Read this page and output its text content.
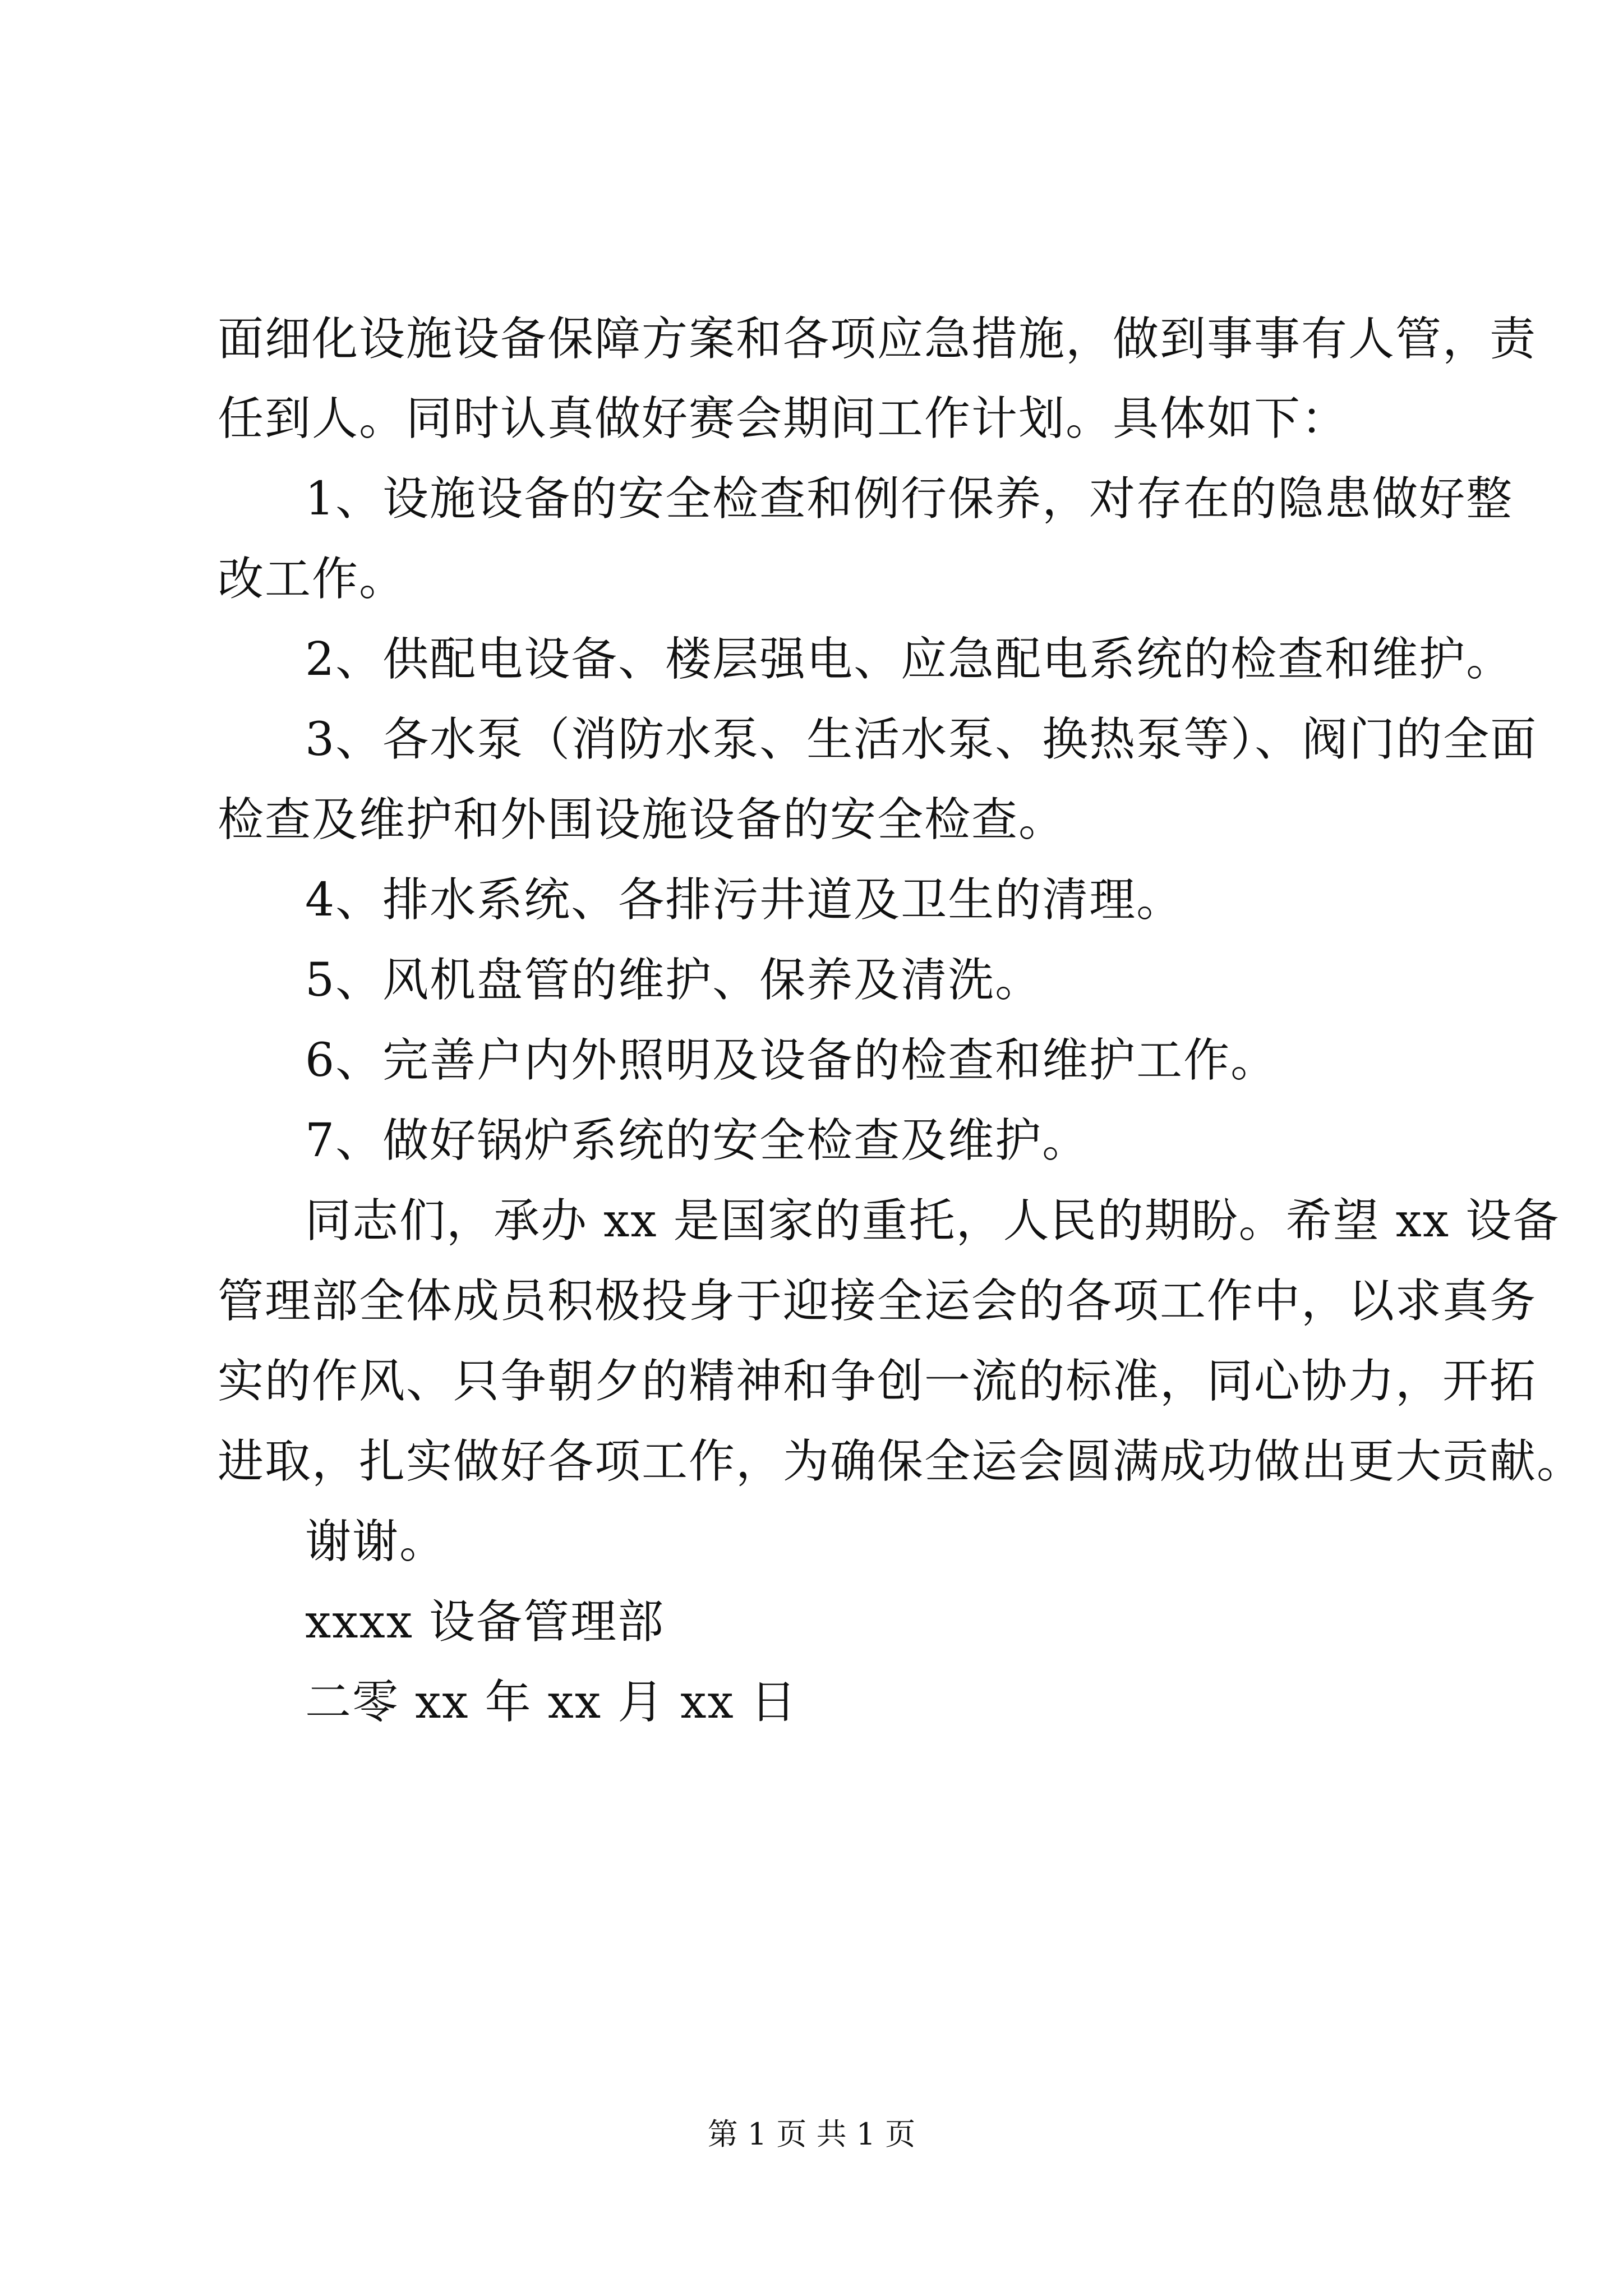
面细化设施设备保障方案和各项应急措施，做到事事有人管，责
任到人。同时认真做好赛会期间工作计划。具体如下：
1、设施设备的安全检查和例行保养，对存在的隐患做好整
改工作。
2、供配电设备、楼层强电、应急配电系统的检查和维护。
3、各水泵（消防水泵、生活水泵、换热泵等）、阀门的全面
检查及维护和外围设施设备的安全检查。
4、排水系统、各排污井道及卫生的清理。
5、风机盘管的维护、保养及清洗。
6、完善户内外照明及设备的检查和维护工作。
7、做好锅炉系统的安全检查及维护。
同志们，承办 xx 是国家的重托，人民的期盼。希望 xx 设备
管理部全体成员积极投身于迎接全运会的各项工作中，以求真务
实的作风、只争朝夕的精神和争创一流的标准，同心协力，开拓
进取，扎实做好各项工作，为确保全运会圆满成功做出更大贡献。
谢谢。
xxxx 设备管理部
二零 xx 年 xx 月 xx 日
第 1 页 共 1 页
